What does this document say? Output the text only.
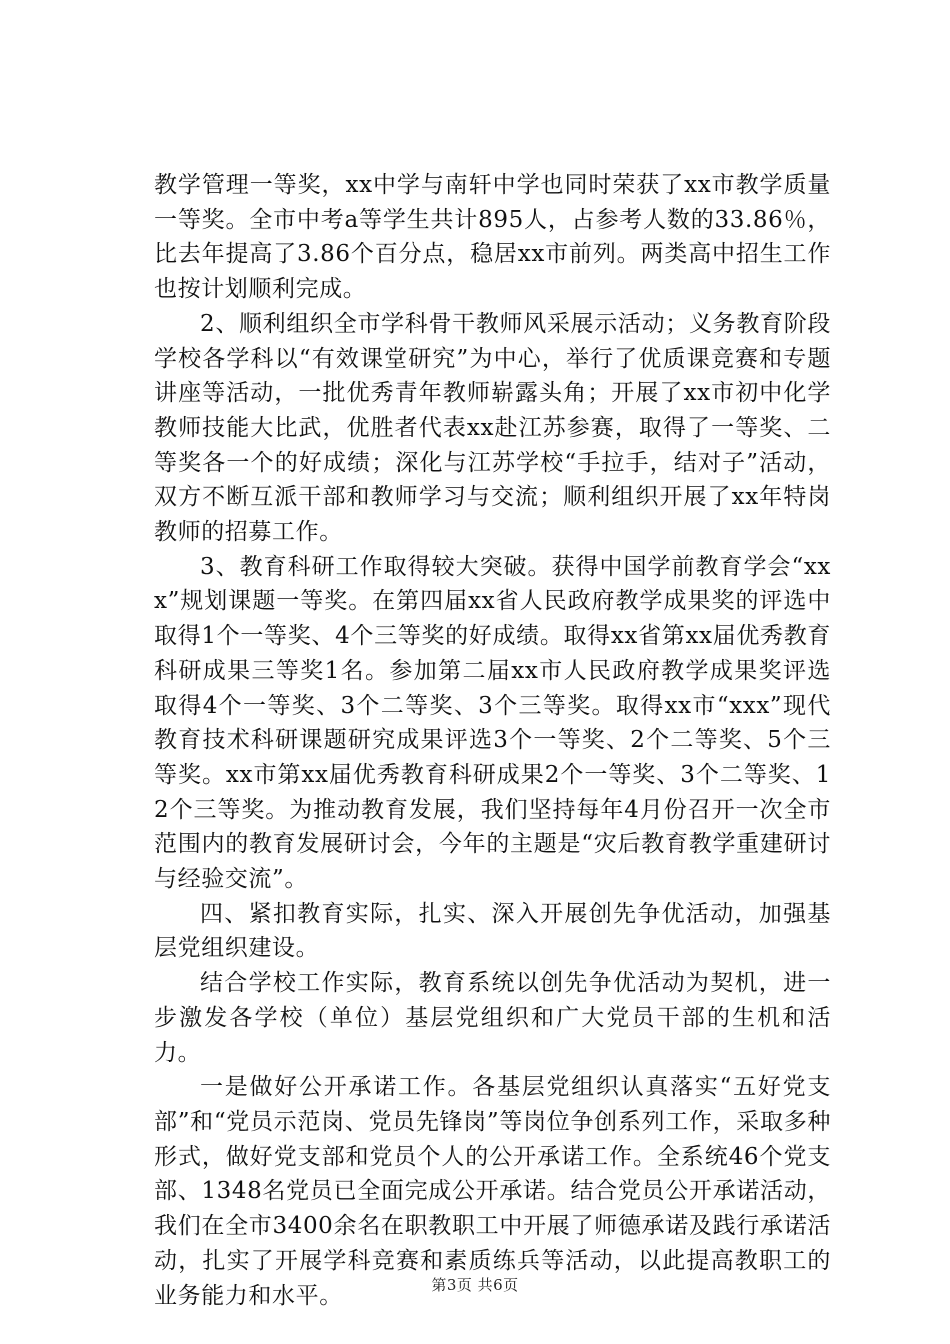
教学管理一等奖，xx中学与南轩中学也同时荣获了xx市教学质量一等奖。全市中考a等学生共计895人，占参考人数的33.86％，比去年提高了3.86个百分点，稳居xx市前列。两类高中招生工作也按计划顺利完成。

2、顺利组织全市学科骨干教师风采展示活动；义务教育阶段学校各学科以“有效课堂研究”为中心，举行了优质课竞赛和专题讲座等活动，一批优秀青年教师崭露头角；开展了xx市初中化学教师技能大比武，优胜者代表xx赴江苏参赛，取得了一等奖、二等奖各一个的好成绩；深化与江苏学校“手拉手，结对子”活动，双方不断互派干部和教师学习与交流；顺利组织开展了xx年特岗教师的招募工作。

3、教育科研工作取得较大突破。获得中国学前教育学会“xxx”规划课题一等奖。在第四届xx省人民政府教学成果奖的评选中取得1个一等奖、4个三等奖的好成绩。取得xx省第xx届优秀教育科研成果三等奖1名。参加第二届xx市人民政府教学成果奖评选取得4个一等奖、3个二等奖、3个三等奖。取得xx市“xxx”现代教育技术科研课题研究成果评选3个一等奖、2个二等奖、5个三等奖。xx市第xx届优秀教育科研成果2个一等奖、3个二等奖、12个三等奖。为推动教育发展，我们坚持每年4月份召开一次全市范围内的教育发展研讨会，今年的主题是“灾后教育教学重建研讨与经验交流”。

四、紧扣教育实际，扎实、深入开展创先争优活动，加强基层党组织建设。

结合学校工作实际，教育系统以创先争优活动为契机，进一步激发各学校（单位）基层党组织和广大党员干部的生机和活力。

一是做好公开承诺工作。各基层党组织认真落实“五好党支部”和“党员示范岗、党员先锋岗”等岗位争创系列工作，采取多种形式，做好党支部和党员个人的公开承诺工作。全系统46个党支部、1348名党员已全面完成公开承诺。结合党员公开承诺活动，我们在全市3400余名在职教职工中开展了师德承诺及践行承诺活动，扎实了开展学科竞赛和素质练兵等活动，以此提高教职工的业务能力和水平。	第3页 共6页
